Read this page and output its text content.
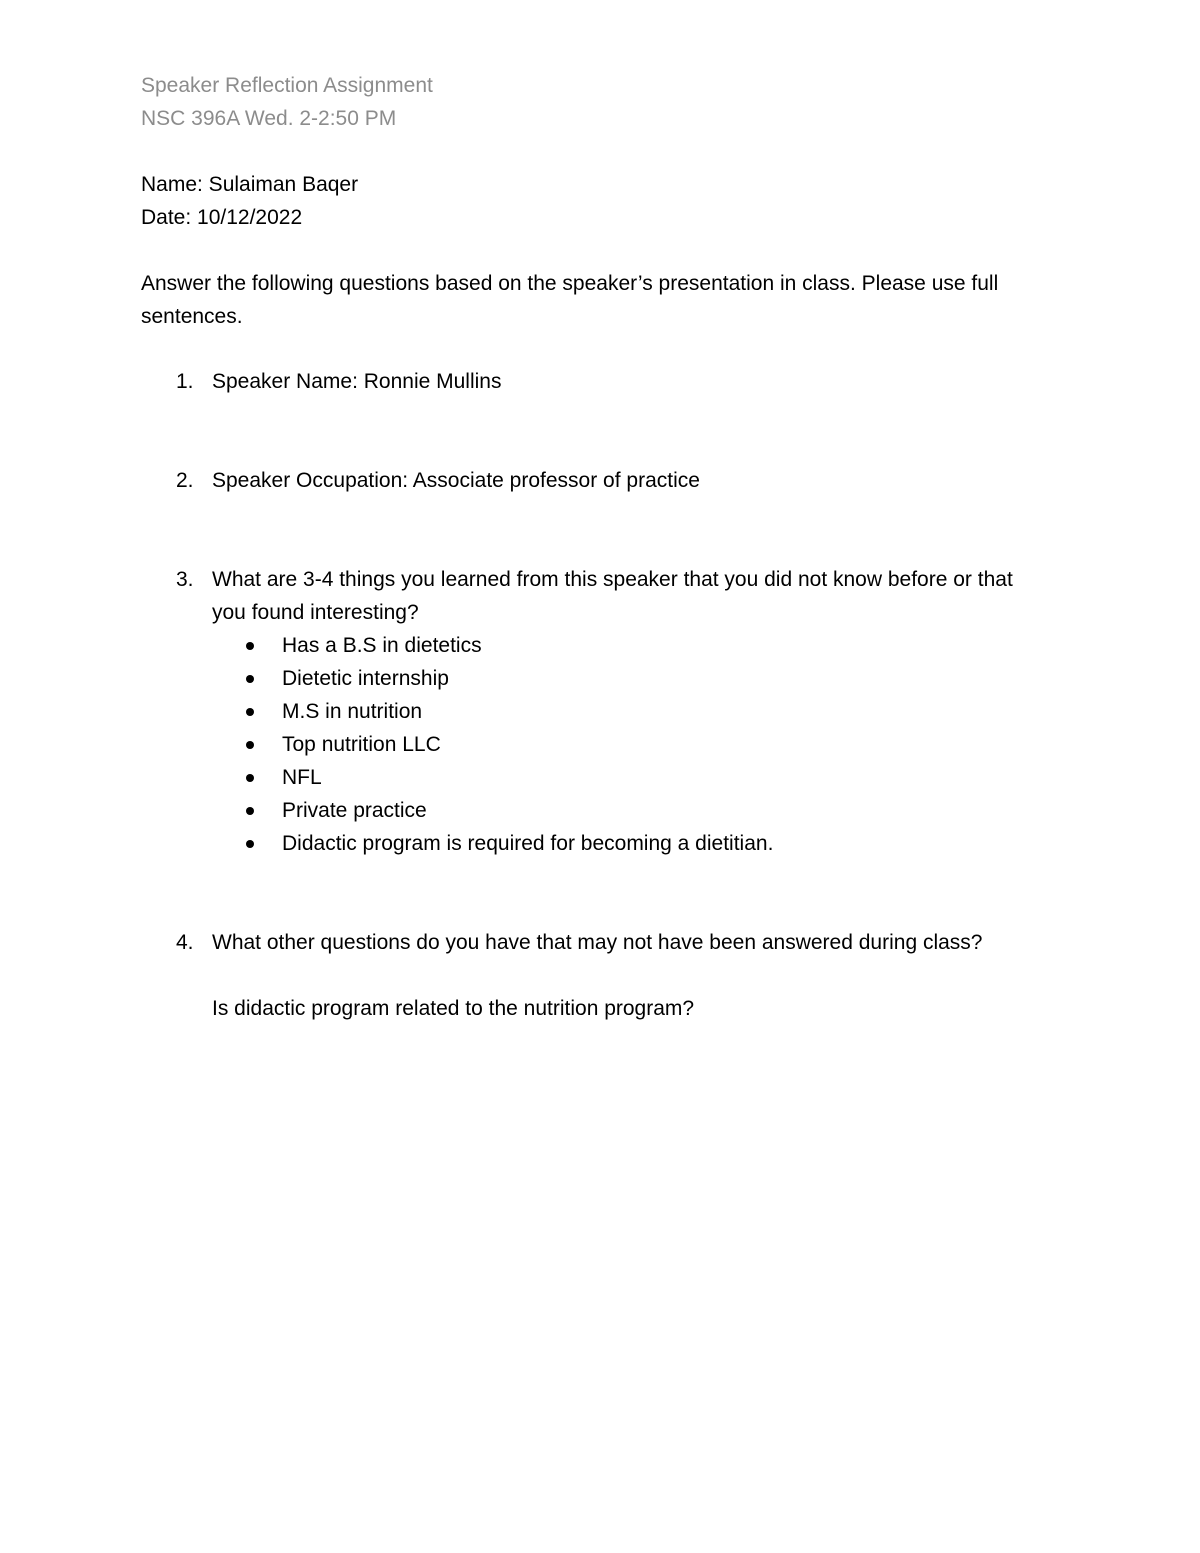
Speaker Reflection Assignment
NSC 396A Wed. 2-2:50 PM
Name: Sulaiman Baqer
Date: 10/12/2022
Answer the following questions based on the speaker’s presentation in class. Please use full
sentences.
1. Speaker Name: Ronnie Mullins
2. Speaker Occupation: Associate professor of practice
3. What are 3-4 things you learned from this speaker that you did not know before or that
you found interesting?
Has a B.S in dietetics
Dietetic internship
M.S in nutrition
Top nutrition LLC
NFL
Private practice
Didactic program is required for becoming a dietitian.
4. What other questions do you have that may not have been answered during class?
Is didactic program related to the nutrition program?
